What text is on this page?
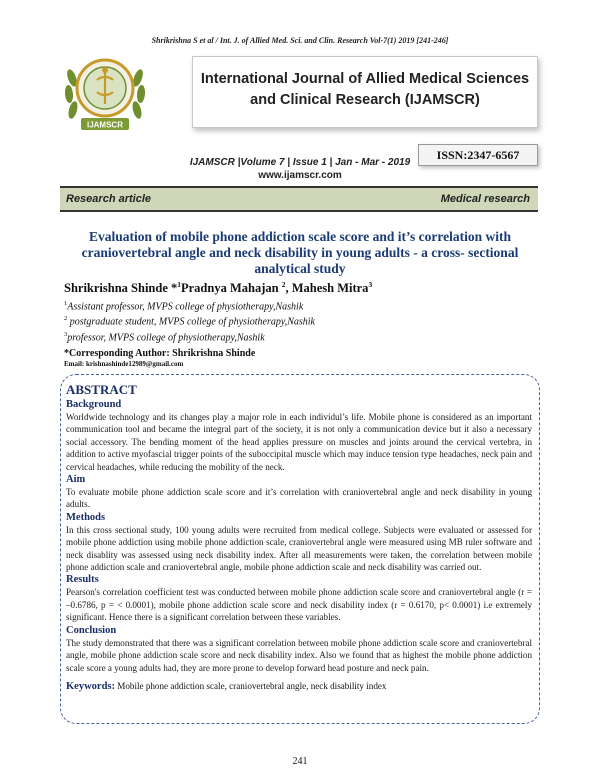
Shrikrishna S et al / Int. J. of Allied Med. Sci. and Clin. Research Vol-7(1) 2019 [241-246]
IJAMSCR
International Journal of Allied Medical Sciences
and Clinical Research (IJAMSCR)
ISSN:2347-6567
IJAMSCR |Volume 7 | Issue 1 | Jan - Mar - 2019
www.ijamscr.com
Research article	Medical research
Evaluation of mobile phone addiction scale score and it’s correlation with
craniovertebral angle and neck disability in young adults - a cross- sectional
analytical study
Shrikrishna Shinde *$^1$Pradnya Mahajan $^2$, Mahesh Mitra$^3$
$^1$Assistant professor, MVPS college of physiotherapy,Nashik
$^2$ postgraduate student, MVPS college of physiotherapy,Nashik
$^3$professor, MVPS college of physiotherapy,Nashik
*Corresponding Author: Shrikrishna Shinde
Email: krishnashinde12989@gmail.com
ABSTRACT
Background
Worldwide technology and its changes play a major role in each individul’s life. Mobile phone is considered as an important communication tool and became the integral part of the society, it is not only a communication device but it also a necessary social accessory. The bending moment of the head applies pressure on muscles and joints around the cervical vertebra, in addition to active myofascial trigger points of the suboccipital muscle which may induce tension type headaches, neck pain and cervical headaches, while reducing the mobility of the neck.
Aim
To evaluate mobile phone addiction scale score and it’s correlation with craniovertebral angle and neck disability in young adults.
Methods
In this cross sectional study, 100 young adults were recruited from medical college. Subjects were evaluated or assessed for mobile phone addiction using mobile phone addiction scale, craniovertebral angle were measured using MB ruler software and neck disablity was assessed using neck disability index. After all measurements were taken, the correlation between mobile phone addiction scale and craniovertebral angle, mobile phone addiction scale and neck disability was carried out.
Results
Pearson's correlation coefficient test was conducted between mobile phone addiction scale score and craniovertebral angle (r = –0.6786, p = < 0.0001), mobile phone addiction scale score and neck disability index (r = 0.6170, p< 0.0001) i.e extremely significant. Hence there is a significant correlation between these variables.
Conclusion
The study demonstrated that there was a significant correlation between mobile phone addiction scale score and craniovertebral angle, mobile phone addiction scale score and neck disability index. Also we found that as highest the mobile phone addiction scale score a young adults had, they are more prone to develop forward head posture and neck pain.
Keywords: Mobile phone addiction scale, craniovertebral angle, neck disability index
241
